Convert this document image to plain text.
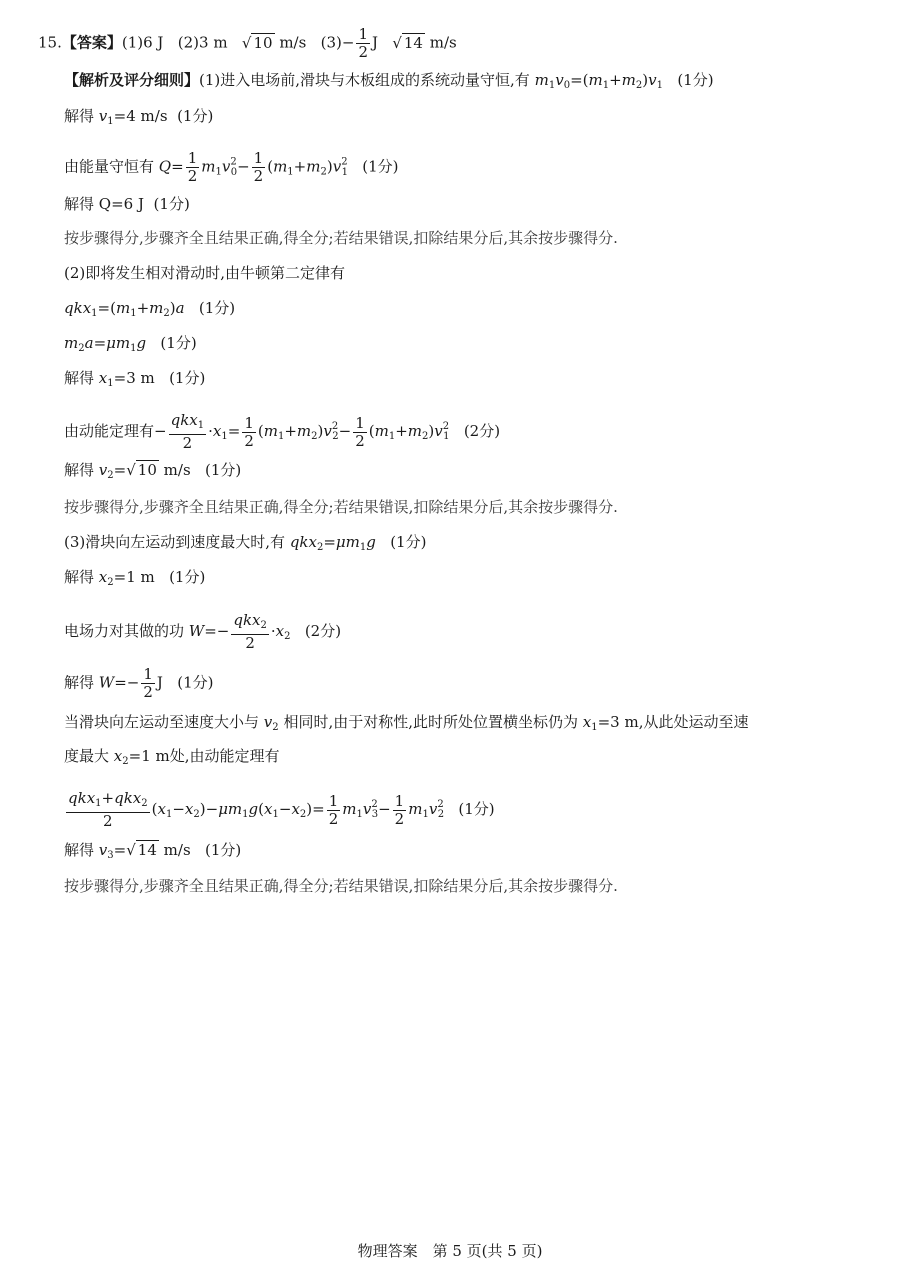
15.【答案】(1)6 J (2)3 m √ 10 m/s $(3)- \frac{1}{2}$ J √ 14 m/s
【解析及评分细则】(1)进入电场前,滑块与木板组成的系统动量守恒,有 $m_1v_0=(m_1+m_2)v_1$ (1分)
解得 $v_1=4$ m/s (1分)
由能量守恒有 $Q= \frac{1}{2} m_1v^2_0- \frac{1}{2} (m_1+m_2)v^2_1$ (1分)
解得 Q=6 J (1分)
按步骤得分,步骤齐全且结果正确,得全分;若结果错误,扣除结果分后,其余按步骤得分.
(2)即将发生相对滑动时,由牛顿第二定律有
$qkx_1=(m_1+m_2)a$ (1分)
$m_2a=\mu m_1g$ (1分)
解得 $x_1=3$ m (1分)
由动能定理有− $\frac{qkx_1}{2} \cdot x_1= \frac{1}{2} (m_1+m_2)v^2_2- \frac{1}{2} (m_1+m_2)v^2_1$ (2分)
解得 $v_2=√$ 10 m/s (1分)
按步骤得分,步骤齐全且结果正确,得全分;若结果错误,扣除结果分后,其余按步骤得分.
(3)滑块向左运动到速度最大时,有 $qkx_2=\mu m_1g$ (1分)
解得 $x_2=1$ m (1分)
电场力对其做的功 $W=- \frac{qkx_2}{2} \cdot x_2$ (2分)
解得 $W=- \frac{1}{2}$ J (1分)
当滑块向左运动至速度大小与 $v_2$ 相同时,由于对称性,此时所处位置横坐标仍为 $x_1=3$ m,从此处运动至速
度最大 $x_2=1$ m处,由动能定理有
$\frac{qkx_1+qkx_2}{2} (x_1-x_2)-\mu m_1g(x_1-x_2)= \frac{1}{2} m_1v^2_3- \frac{1}{2} m_1v^2_2$ (1分)
解得 $v_3=√$ 14 m/s (1分)
按步骤得分,步骤齐全且结果正确,得全分;若结果错误,扣除结果分后,其余按步骤得分.
物理答案　第 5 页(共 5 页)
